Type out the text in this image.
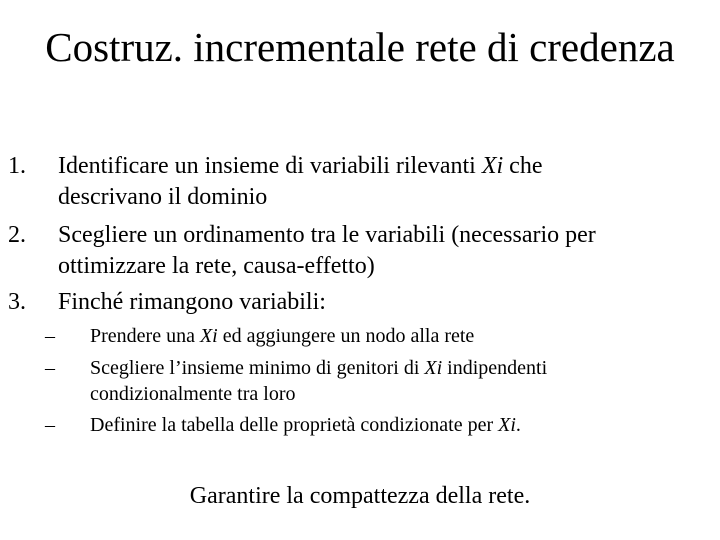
Costruz. incrementale rete di credenza
1.	Identificare un insieme di variabili rilevanti Xi che
descrivano il dominio
2.	Scegliere un ordinamento tra le variabili (necessario per
ottimizzare la rete, causa-effetto)
3.	Finché rimangono variabili:
–	Prendere una Xi ed aggiungere un nodo alla rete
–	Scegliere l’insieme minimo di genitori di Xi indipendenti
condizionalmente tra loro
–	Definire la tabella delle proprietà condizionate per Xi.
Garantire la compattezza della rete.
